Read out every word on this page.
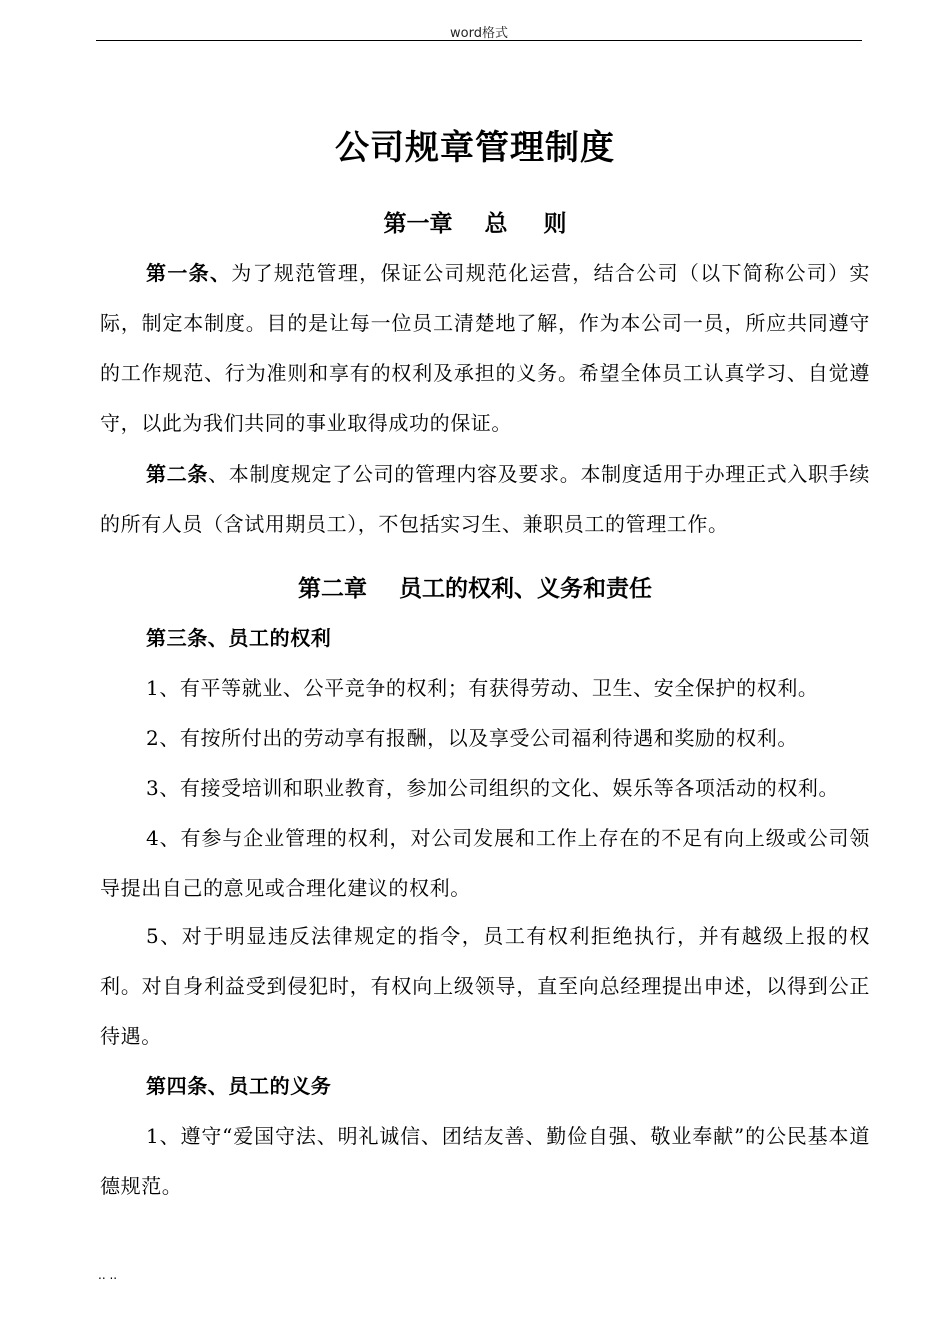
word格式
公司规章管理制度
第一章 总 则
第一条、为了规范管理，保证公司规范化运营，结合公司（以下简称公司）实际，制定本制度。目的是让每一位员工清楚地了解，作为本公司一员，所应共同遵守的工作规范、行为准则和享有的权利及承担的义务。希望全体员工认真学习、自觉遵守，以此为我们共同的事业取得成功的保证。
第二条、本制度规定了公司的管理内容及要求。本制度适用于办理正式入职手续的所有人员（含试用期员工），不包括实习生、兼职员工的管理工作。
第二章 员工的权利、义务和责任
第三条、员工的权利
1、有平等就业、公平竞争的权利；有获得劳动、卫生、安全保护的权利。
2、有按所付出的劳动享有报酬，以及享受公司福利待遇和奖励的权利。
3、有接受培训和职业教育，参加公司组织的文化、娱乐等各项活动的权利。
4、有参与企业管理的权利，对公司发展和工作上存在的不足有向上级或公司领导提出自己的意见或合理化建议的权利。
5、对于明显违反法律规定的指令，员工有权利拒绝执行，并有越级上报的权利。对自身利益受到侵犯时，有权向上级领导，直至向总经理提出申述，以得到公正待遇。
第四条、员工的义务
1、遵守“爱国守法、明礼诚信、团结友善、勤俭自强、敬业奉献”的公民基本道德规范。
.. ..
